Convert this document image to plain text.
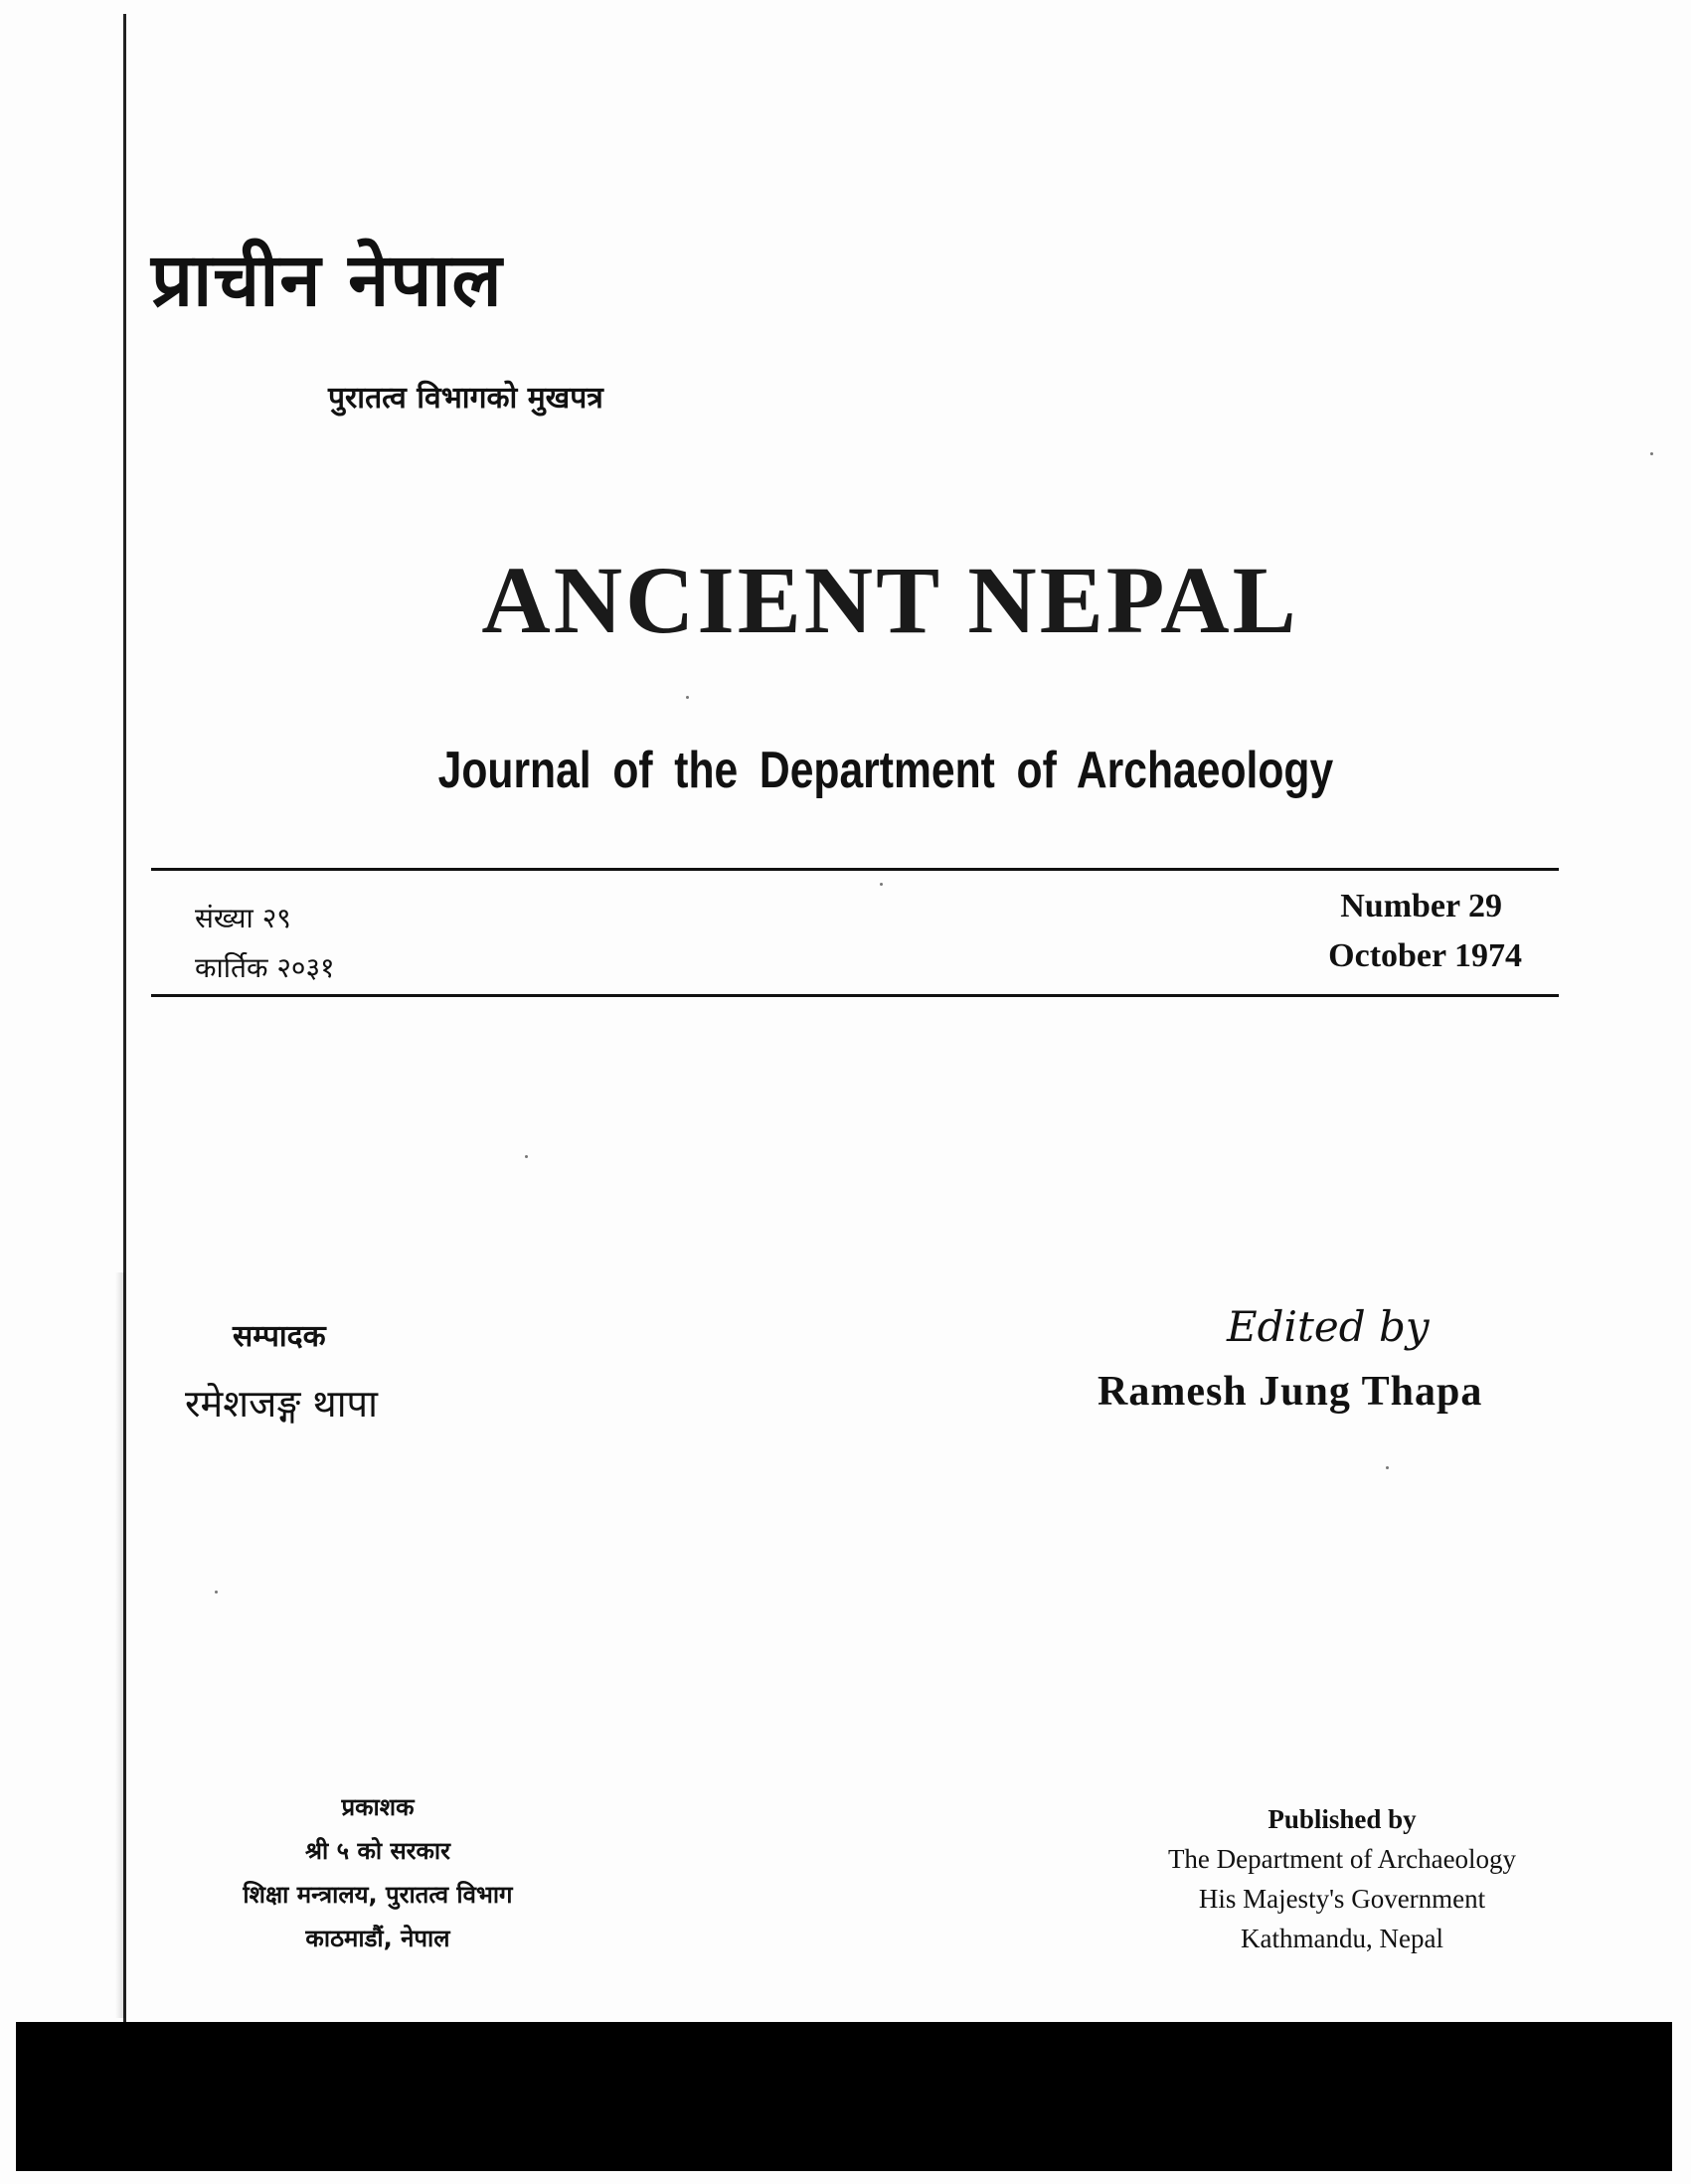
प्राचीन नेपाल
पुरातत्व विभागको मुखपत्र
ANCIENT NEPAL
Journal of the Department of Archaeology
संख्या २९
कार्तिक २०३१
Number 29
October 1974
सम्पादक
रमेशजङ्ग थापा
Edited by
Ramesh Jung Thapa
प्रकाशक
श्री ५ को सरकार
शिक्षा मन्त्रालय, पुरातत्व विभाग
काठमाडौं, नेपाल
Published by
The Department of Archaeology
His Majesty's Government
Kathmandu, Nepal
